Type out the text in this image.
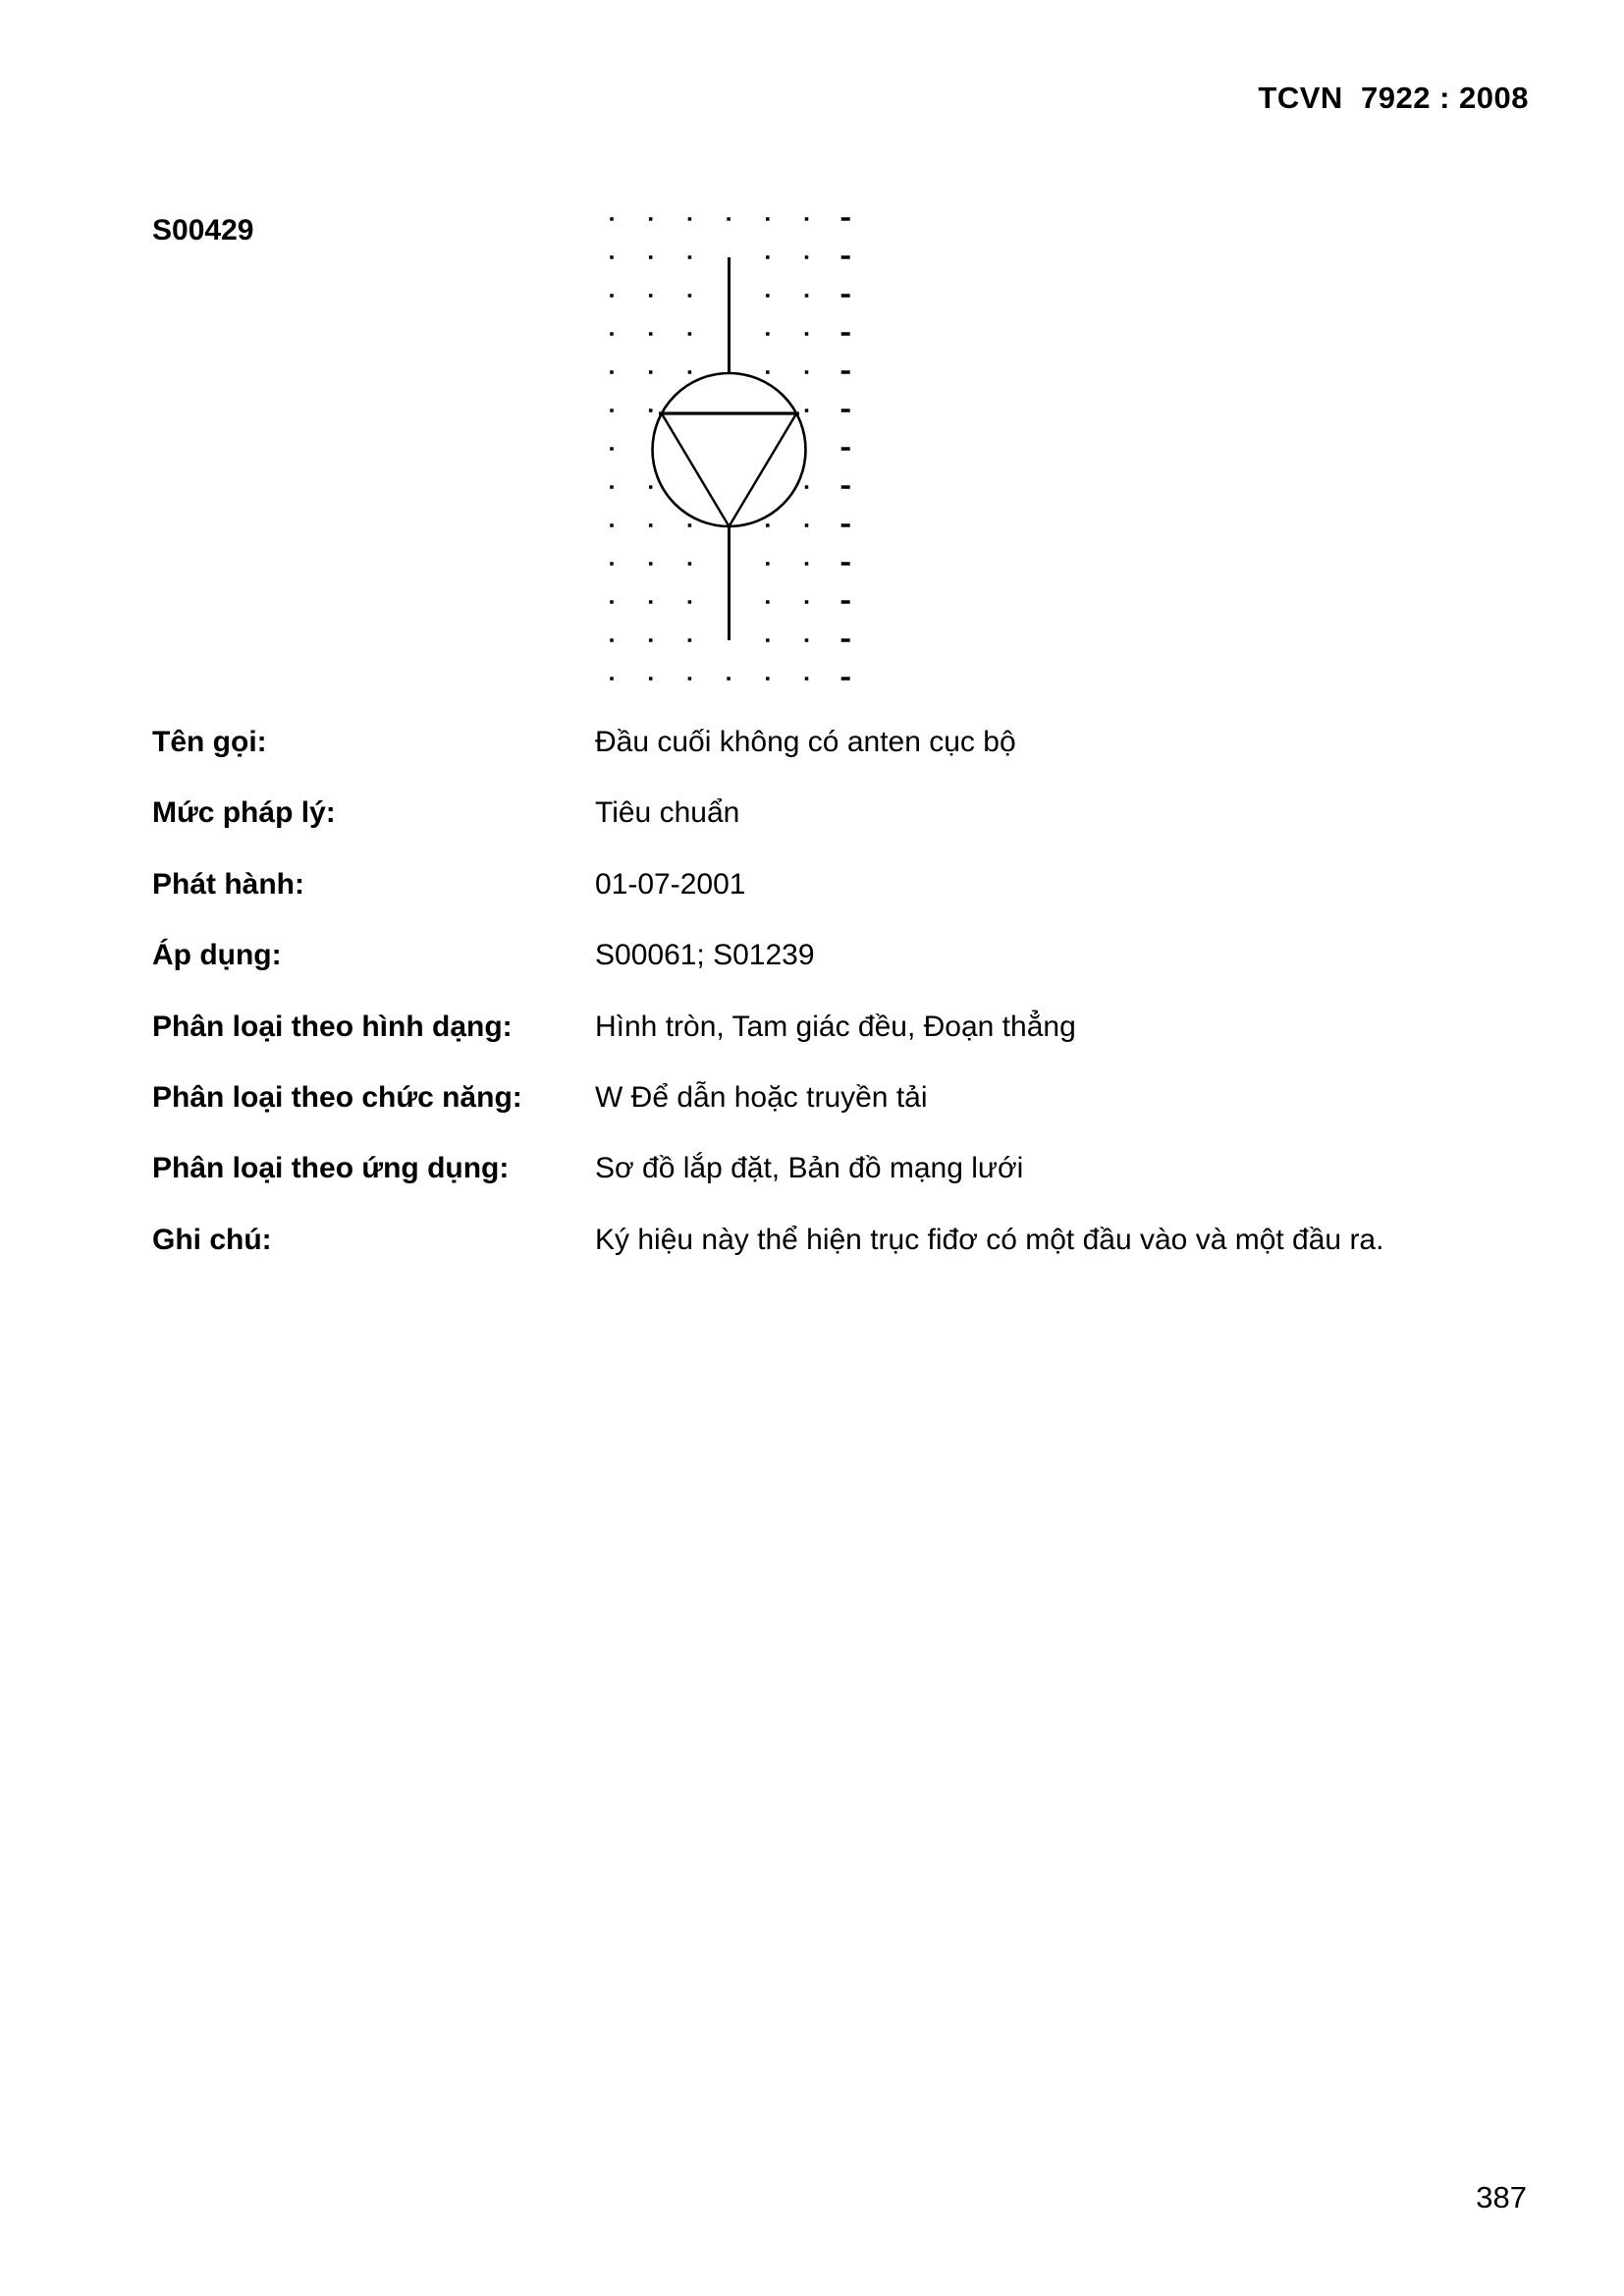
TCVN  7922 : 2008
S00429
Tên gọi:	Đầu cuối không có anten cục bộ
Mức pháp lý:	Tiêu chuẩn
Phát hành:	01-07-2001
Áp dụng:	S00061; S01239
Phân loại theo hình dạng:	Hình tròn, Tam giác đều, Đoạn thẳng
Phân loại theo chức năng:	W Để dẫn hoặc truyền tải
Phân loại theo ứng dụng:	Sơ đồ lắp đặt, Bản đồ mạng lưới
Ghi chú:	Ký hiệu này thể hiện trục fiđơ có một đầu vào và một đầu ra.
387
